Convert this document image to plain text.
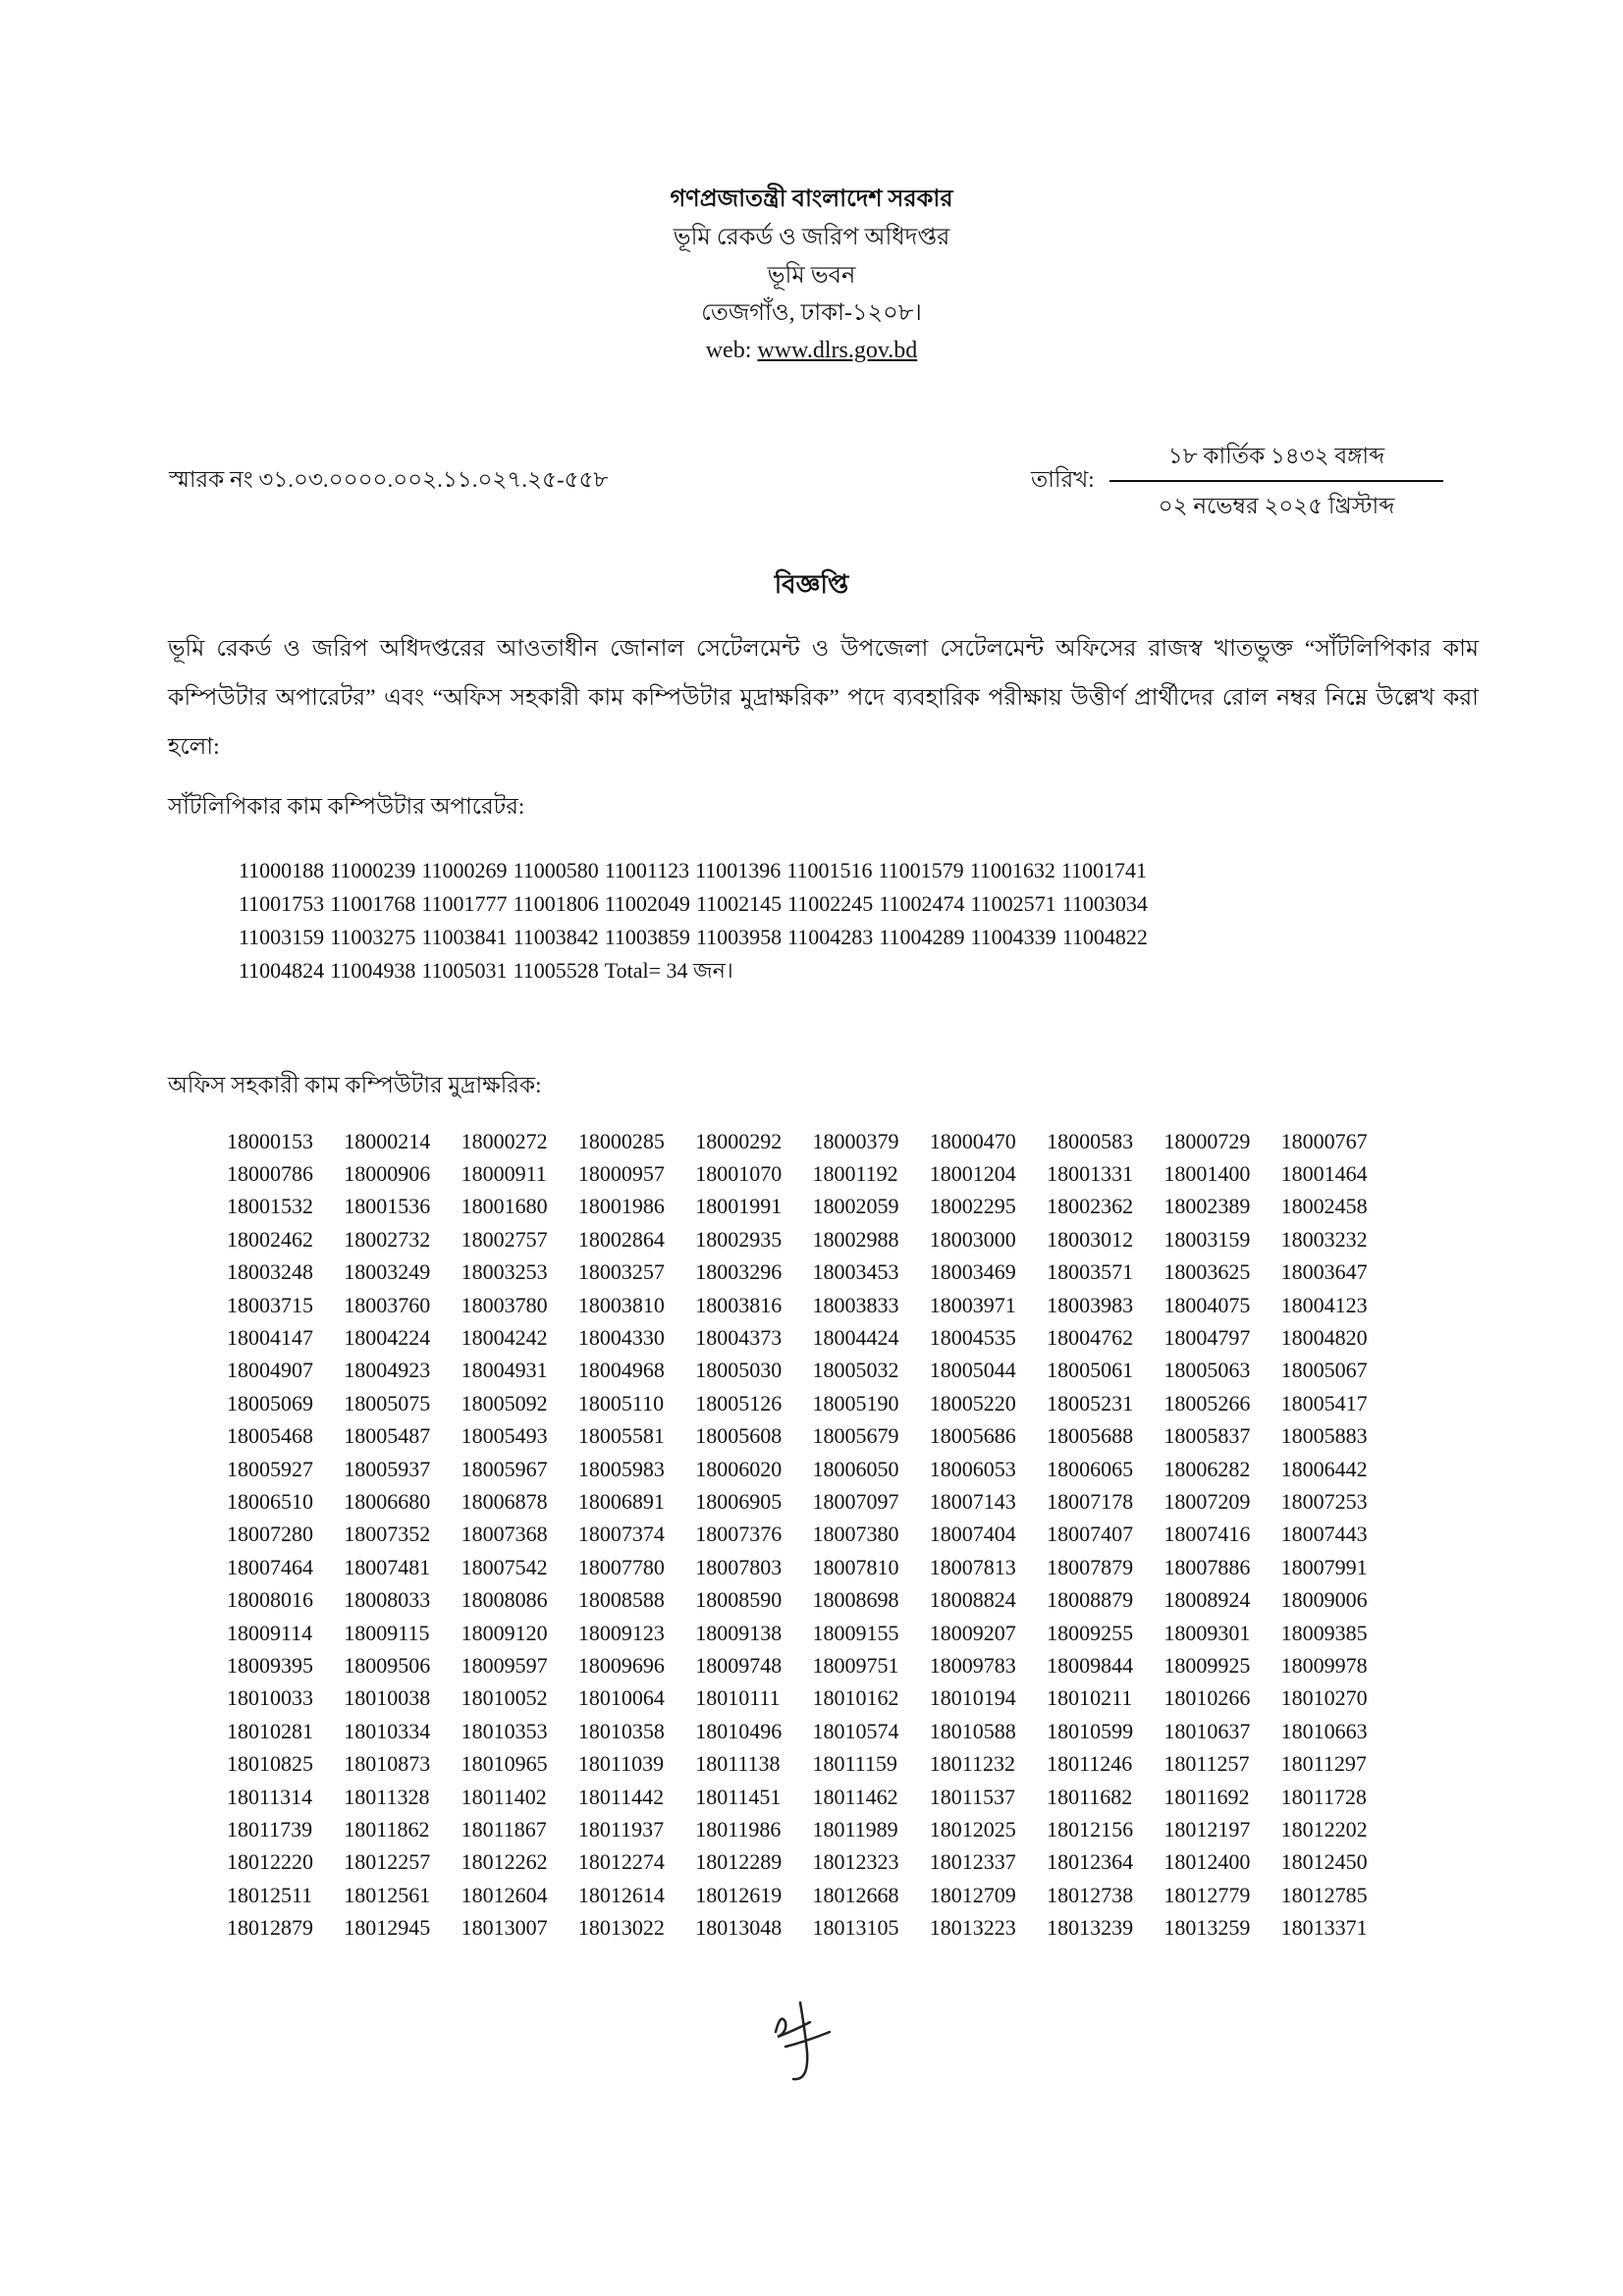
গণপ্রজাতন্ত্রী বাংলাদেশ সরকার
ভূমি রেকর্ড ও জরিপ অধিদপ্তর
ভূমি ভবন
তেজগাঁও, ঢাকা-১২০৮।
web: www.dlrs.gov.bd
স্মারক নং ৩১.০৩.০০০০.০০২.১১.০২৭.২৫-৫৫৮	তারিখ:
১৮ কার্তিক ১৪৩২ বঙ্গাব্দ
০২ নভেম্বর ২০২৫ খ্রিস্টাব্দ
বিজ্ঞপ্তি
ভূমি রেকর্ড ও জরিপ অধিদপ্তরের আওতাধীন জোনাল সেটেলমেন্ট ও উপজেলা সেটেলমেন্ট অফিসের রাজস্ব খাতভুক্ত “সাঁটলিপিকার কাম কম্পিউটার অপারেটর” এবং “অফিস সহকারী কাম কম্পিউটার মুদ্রাক্ষরিক” পদে ব্যবহারিক পরীক্ষায় উত্তীর্ণ প্রার্থীদের রোল নম্বর নিম্নে উল্লেখ করা হলো:
সাঁটলিপিকার কাম কম্পিউটার অপারেটর:
11000188 11000239 11000269 11000580 11001123 11001396 11001516 11001579 11001632 11001741
11001753 11001768 11001777 11001806 11002049 11002145 11002245 11002474 11002571 11003034
11003159 11003275 11003841 11003842 11003859 11003958 11004283 11004289 11004339 11004822
11004824 11004938 11005031 11005528 Total= 34 জন।
অফিস সহকারী কাম কম্পিউটার মুদ্রাক্ষরিক:
18000153	18000214	18000272	18000285	18000292	18000379	18000470	18000583	18000729	18000767
18000786	18000906	18000911	18000957	18001070	18001192	18001204	18001331	18001400	18001464
18001532	18001536	18001680	18001986	18001991	18002059	18002295	18002362	18002389	18002458
18002462	18002732	18002757	18002864	18002935	18002988	18003000	18003012	18003159	18003232
18003248	18003249	18003253	18003257	18003296	18003453	18003469	18003571	18003625	18003647
18003715	18003760	18003780	18003810	18003816	18003833	18003971	18003983	18004075	18004123
18004147	18004224	18004242	18004330	18004373	18004424	18004535	18004762	18004797	18004820
18004907	18004923	18004931	18004968	18005030	18005032	18005044	18005061	18005063	18005067
18005069	18005075	18005092	18005110	18005126	18005190	18005220	18005231	18005266	18005417
18005468	18005487	18005493	18005581	18005608	18005679	18005686	18005688	18005837	18005883
18005927	18005937	18005967	18005983	18006020	18006050	18006053	18006065	18006282	18006442
18006510	18006680	18006878	18006891	18006905	18007097	18007143	18007178	18007209	18007253
18007280	18007352	18007368	18007374	18007376	18007380	18007404	18007407	18007416	18007443
18007464	18007481	18007542	18007780	18007803	18007810	18007813	18007879	18007886	18007991
18008016	18008033	18008086	18008588	18008590	18008698	18008824	18008879	18008924	18009006
18009114	18009115	18009120	18009123	18009138	18009155	18009207	18009255	18009301	18009385
18009395	18009506	18009597	18009696	18009748	18009751	18009783	18009844	18009925	18009978
18010033	18010038	18010052	18010064	18010111	18010162	18010194	18010211	18010266	18010270
18010281	18010334	18010353	18010358	18010496	18010574	18010588	18010599	18010637	18010663
18010825	18010873	18010965	18011039	18011138	18011159	18011232	18011246	18011257	18011297
18011314	18011328	18011402	18011442	18011451	18011462	18011537	18011682	18011692	18011728
18011739	18011862	18011867	18011937	18011986	18011989	18012025	18012156	18012197	18012202
18012220	18012257	18012262	18012274	18012289	18012323	18012337	18012364	18012400	18012450
18012511	18012561	18012604	18012614	18012619	18012668	18012709	18012738	18012779	18012785
18012879	18012945	18013007	18013022	18013048	18013105	18013223	18013239	18013259	18013371
